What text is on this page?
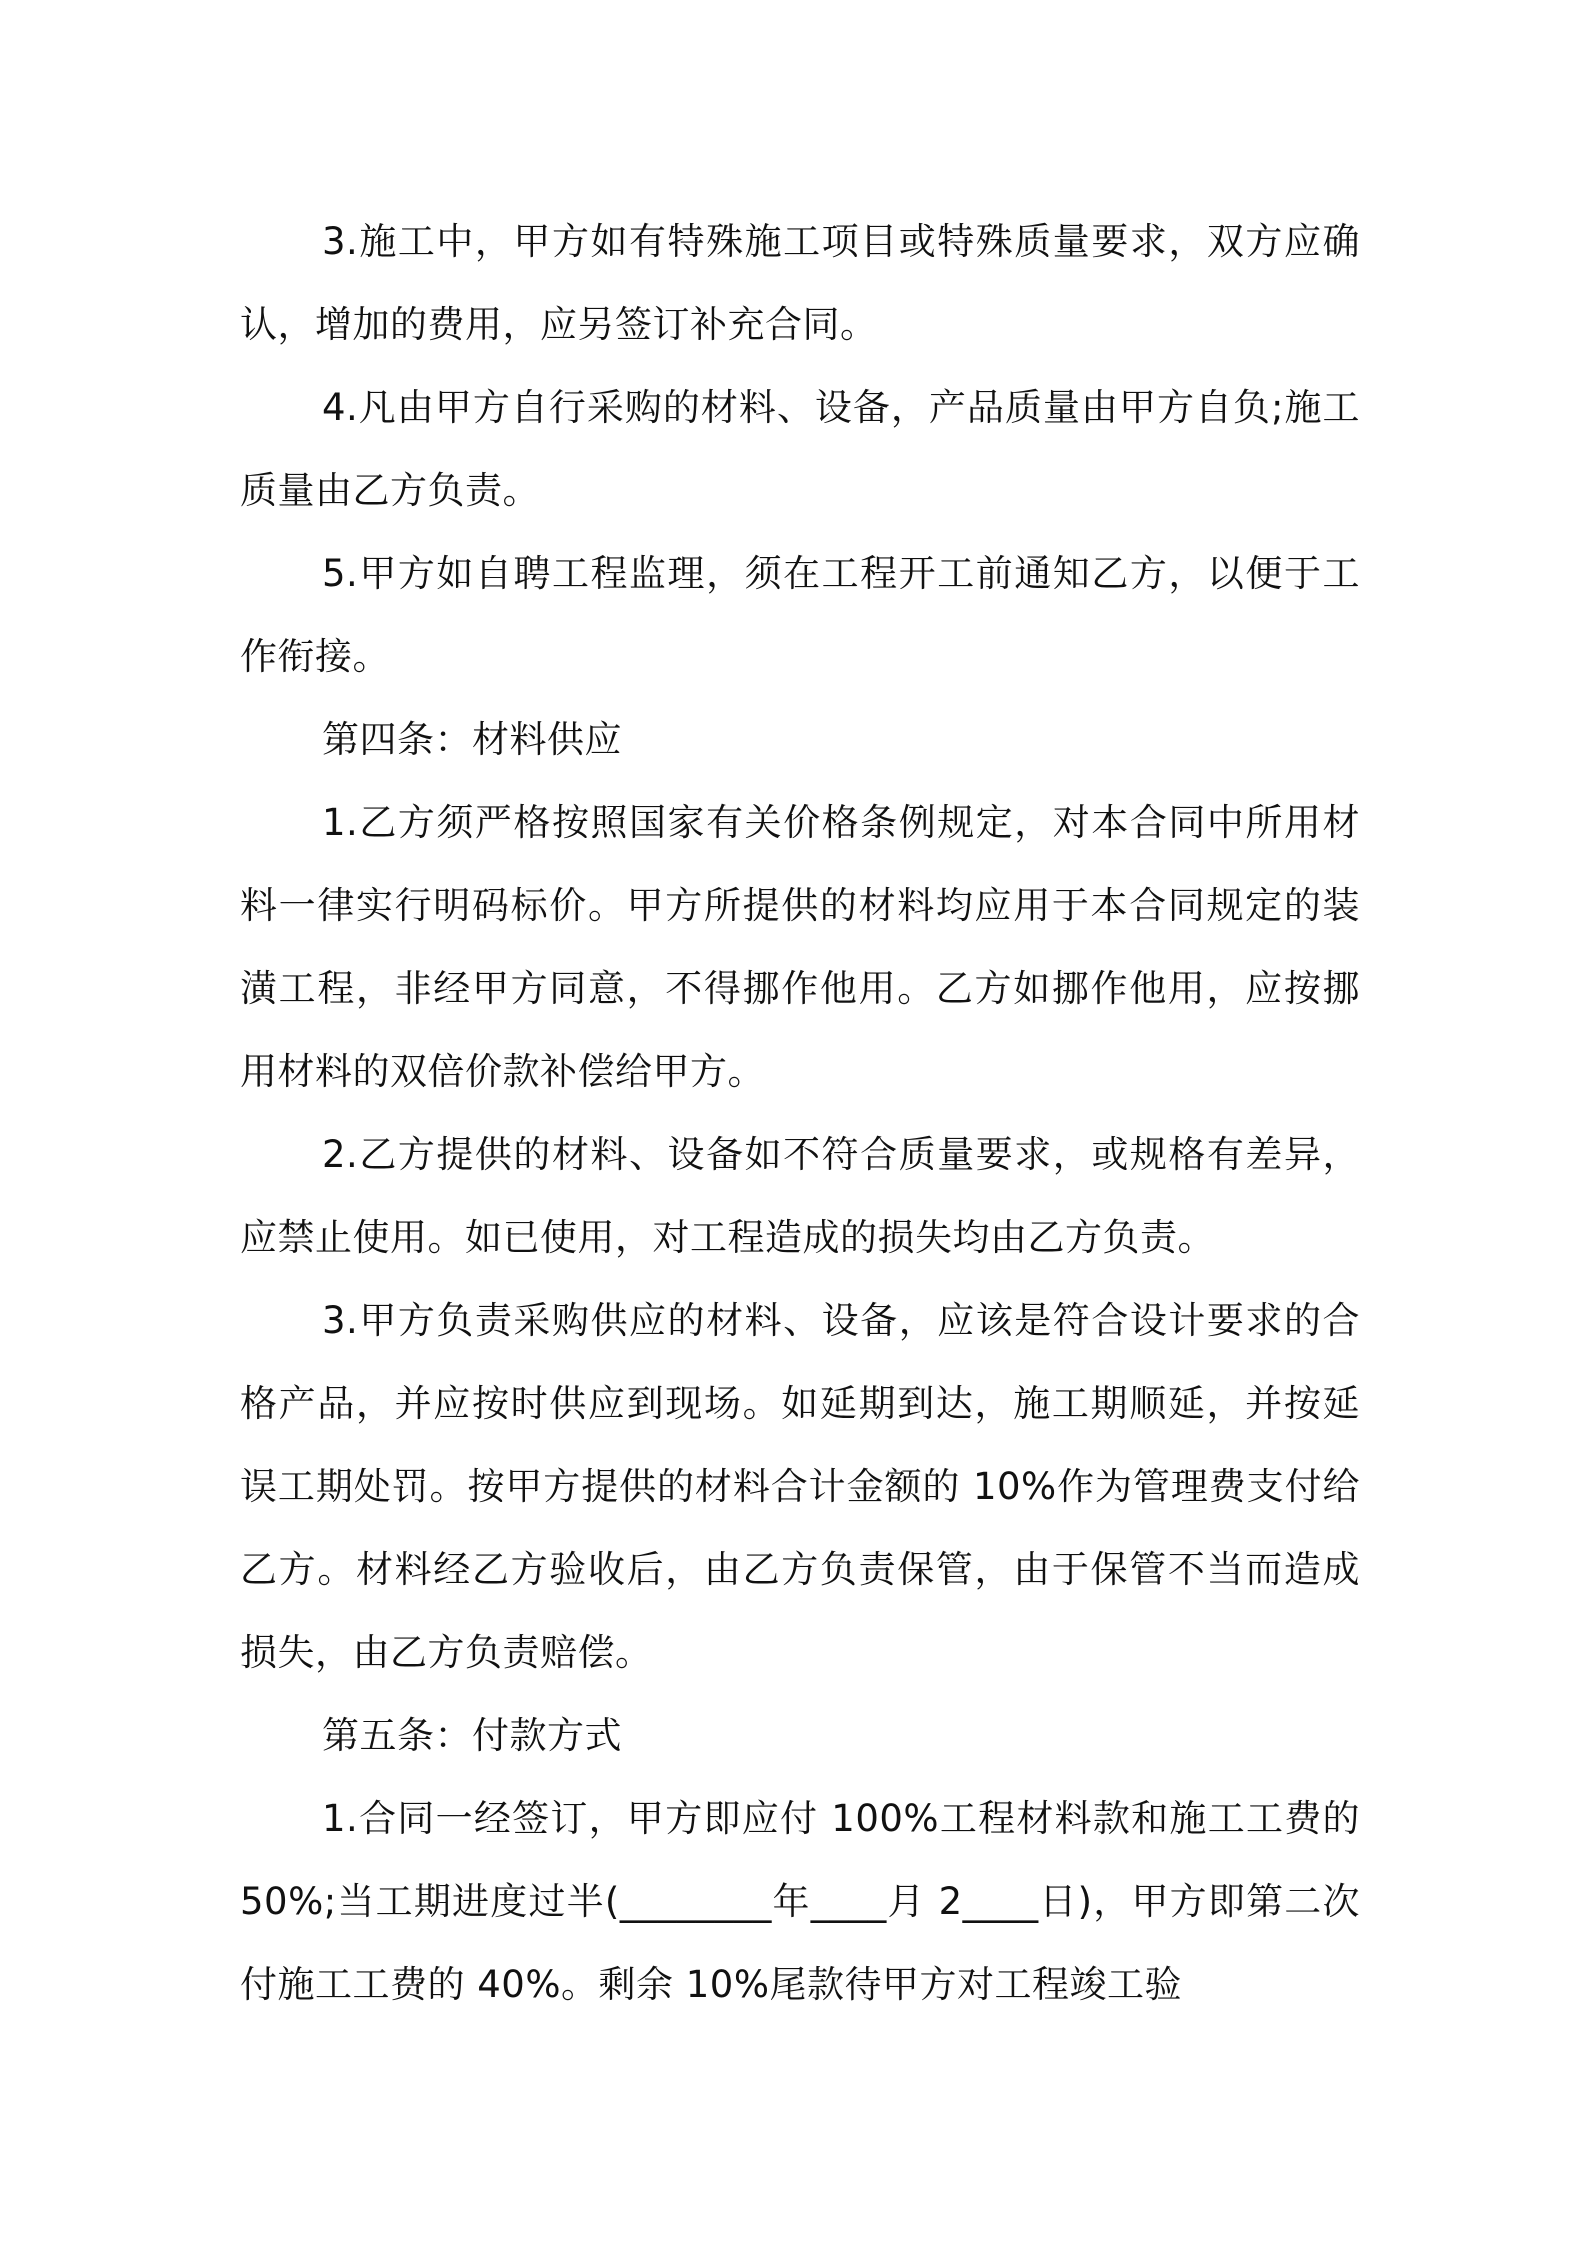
3.施工中，甲方如有特殊施工项目或特殊质量要求，双方应确认，增加的费用，应另签订补充合同。

4.凡由甲方自行采购的材料、设备，产品质量由甲方自负;施工质量由乙方负责。

5.甲方如自聘工程监理，须在工程开工前通知乙方，以便于工作衔接。

第四条：材料供应

1.乙方须严格按照国家有关价格条例规定，对本合同中所用材料一律实行明码标价。甲方所提供的材料均应用于本合同规定的装潢工程，非经甲方同意，不得挪作他用。乙方如挪作他用，应按挪用材料的双倍价款补偿给甲方。

2.乙方提供的材料、设备如不符合质量要求，或规格有差异，应禁止使用。如已使用，对工程造成的损失均由乙方负责。

3.甲方负责采购供应的材料、设备，应该是符合设计要求的合格产品，并应按时供应到现场。如延期到达，施工期顺延，并按延误工期处罚。按甲方提供的材料合计金额的 10%作为管理费支付给乙方。材料经乙方验收后，由乙方负责保管，由于保管不当而造成损失，由乙方负责赔偿。

第五条：付款方式

1.合同一经签订，甲方即应付 100%工程材料款和施工工费的 50%;当工期进度过半(________年____月 2____日)，甲方即第二次付施工工费的 40%。剩余 10%尾款待甲方对工程竣工验
